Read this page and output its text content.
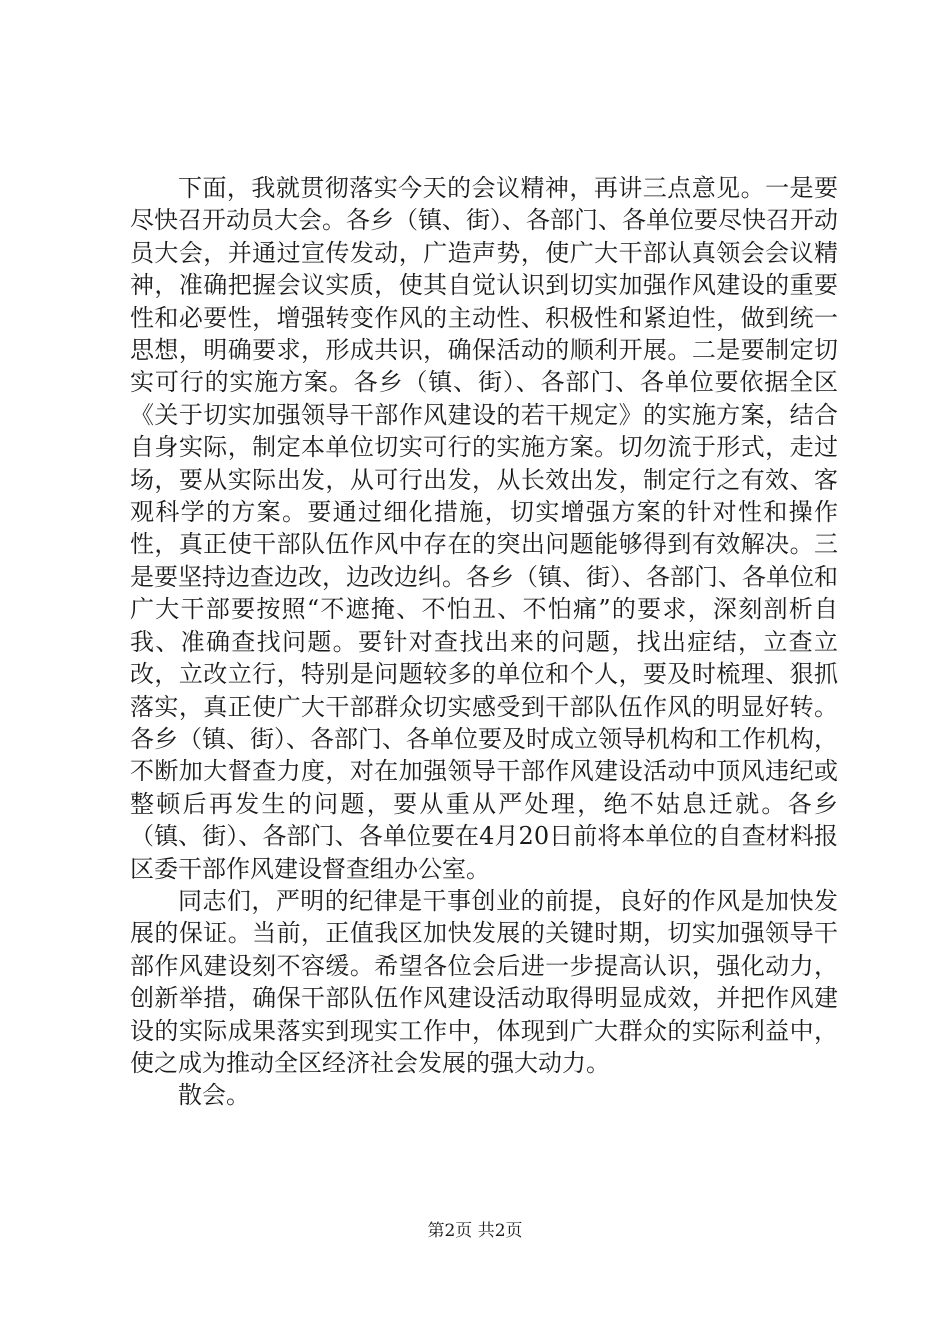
下面，我就贯彻落实今天的会议精神，再讲三点意见。一是要尽快召开动员大会。各乡（镇、街）、各部门、各单位要尽快召开动员大会，并通过宣传发动，广造声势，使广大干部认真领会会议精神，准确把握会议实质，使其自觉认识到切实加强作风建设的重要性和必要性，增强转变作风的主动性、积极性和紧迫性，做到统一思想，明确要求，形成共识，确保活动的顺利开展。二是要制定切实可行的实施方案。各乡（镇、街）、各部门、各单位要依据全区《关于切实加强领导干部作风建设的若干规定》的实施方案，结合自身实际，制定本单位切实可行的实施方案。切勿流于形式，走过场，要从实际出发，从可行出发，从长效出发，制定行之有效、客观科学的方案。要通过细化措施，切实增强方案的针对性和操作性，真正使干部队伍作风中存在的突出问题能够得到有效解决。三是要坚持边查边改，边改边纠。各乡（镇、街）、各部门、各单位和广大干部要按照“不遮掩、不怕丑、不怕痛”的要求，深刻剖析自我、准确查找问题。要针对查找出来的问题，找出症结，立查立改，立改立行，特别是问题较多的单位和个人，要及时梳理、狠抓落实，真正使广大干部群众切实感受到干部队伍作风的明显好转。各乡（镇、街）、各部门、各单位要及时成立领导机构和工作机构，不断加大督查力度，对在加强领导干部作风建设活动中顶风违纪或整顿后再发生的问题，要从重从严处理，绝不姑息迁就。各乡（镇、街）、各部门、各单位要在4月20日前将本单位的自查材料报区委干部作风建设督查组办公室。

同志们，严明的纪律是干事创业的前提，良好的作风是加快发展的保证。当前，正值我区加快发展的关键时期，切实加强领导干部作风建设刻不容缓。希望各位会后进一步提高认识，强化动力，创新举措，确保干部队伍作风建设活动取得明显成效，并把作风建设的实际成果落实到现实工作中，体现到广大群众的实际利益中，使之成为推动全区经济社会发展的强大动力。

散会。

第2页 共2页
